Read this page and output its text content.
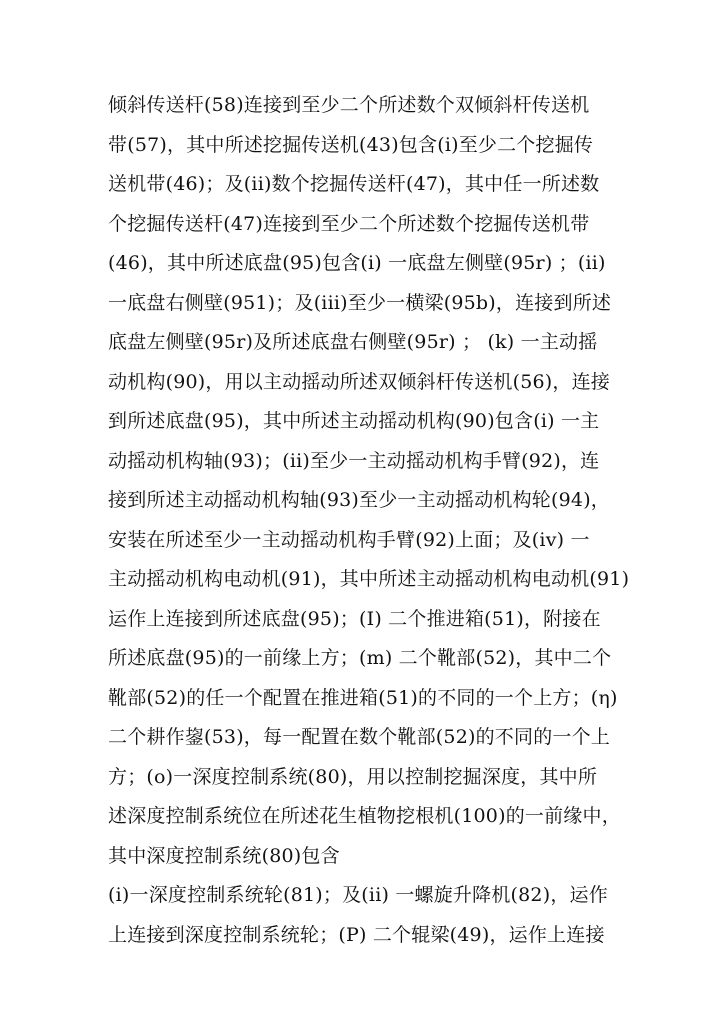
倾斜传送杆(58)连接到至少二个所述数个双倾斜杆传送机
带(57)，其中所述挖掘传送机(43)包含(i)至少二个挖掘传
送机带(46)；及(ii)数个挖掘传送杆(47)，其中任一所述数
个挖掘传送杆(47)连接到至少二个所述数个挖掘传送机带
(46)，其中所述底盘(95)包含(i) 一底盘左侧壁(95r) ；(ii)
一底盘右侧壁(951)；及(iii)至少一横梁(95b)，连接到所述
底盘左侧壁(95r)及所述底盘右侧壁(95r) ； (k) 一主动摇
动机构(90)，用以主动摇动所述双倾斜杆传送机(56)，连接
到所述底盘(95)，其中所述主动摇动机构(90)包含(i) 一主
动摇动机构轴(93)；(ii)至少一主动摇动机构手臂(92)，连
接到所述主动摇动机构轴(93)至少一主动摇动机构轮(94)，
安装在所述至少一主动摇动机构手臂(92)上面；及(iv) 一
主动摇动机构电动机(91)，其中所述主动摇动机构电动机(91)
运作上连接到所述底盘(95)；(I) 二个推进箱(51)，附接在
所述底盘(95)的一前缘上方；(m) 二个靴部(52)，其中二个
靴部(52)的任一个配置在推进箱(51)的不同的一个上方；(η)
二个耕作鋆(53)，每一配置在数个靴部(52)的不同的一个上
方；(ο)一深度控制系统(80)，用以控制挖掘深度，其中所
述深度控制系统位在所述花生植物挖根机(100)的一前缘中，
其中深度控制系统(80)包含
(i)一深度控制系统轮(81)；及(ii) 一螺旋升降机(82)，运作
上连接到深度控制系统轮；(P) 二个辊梁(49)，运作上连接
